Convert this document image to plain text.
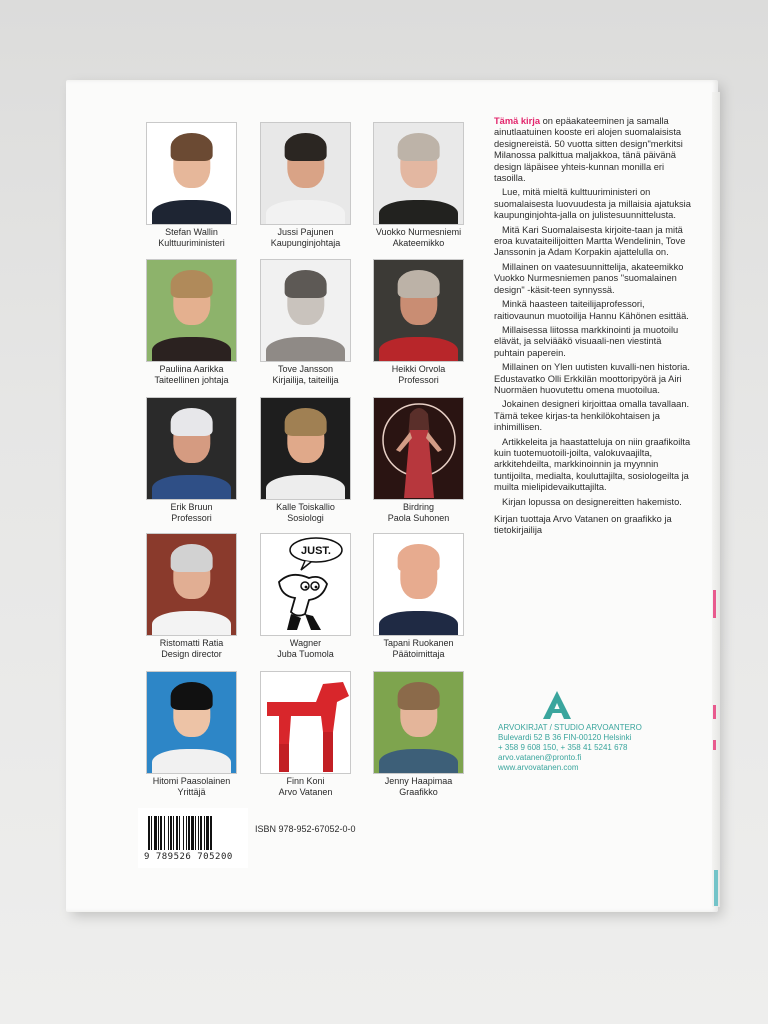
Stefan Wallin
Kulttuuriministeri
Jussi Pajunen
Kaupunginjohtaja
Vuokko Nurmesniemi
Akateemikko
Pauliina Aarikka
Taiteellinen johtaja
Tove Jansson
Kirjailija, taiteilija
Heikki Orvola
Professori
Erik Bruun
Professori
Kalle Toiskallio
Sosiologi
Birdring
Paola Suhonen
Ristomatti Ratia
Design director
JUST.
Wagner
Juba Tuomola
Tapani Ruokanen
Päätoimittaja
Hitomi Paasolainen
Yrittäjä
Finn Koni
Arvo Vatanen
Jenny Haapimaa
Graafikko

Tämä kirja on epäakateeminen ja samalla ainutlaatuinen kooste eri alojen suomalaisista designereistä. 50 vuotta sitten design"merkitsi Milanossa palkittua maljakkoa, tänä päivänä design läpäisee yhteis-kunnan monilla eri tasoilla.

Lue, mitä mieltä kulttuuriministeri on suomalaisesta luovuudesta ja millaisia ajatuksia kaupunginjohta-jalla on julistesuunnittelusta.

Mitä Kari Suomalaisesta kirjoite-taan ja mitä eroa kuvataiteilijoitten Martta Wendelinin, Tove Janssonin ja Adam Korpakin ajattelulla on.

Millainen on vaatesuunnittelija, akateemikko Vuokko Nurmesniemen panos "suomalainen design" -käsit-teen synnyssä.

Minkä haasteen taiteilijaprofessori, raitiovaunun muotoilija Hannu Kähönen esittää.

Millaisessa liitossa markkinointi ja muotoilu elävät, ja selviääkö visuaali-nen viestintä puhtain paperein.

Millainen on Ylen uutisten kuvalli-nen historia. Edustavatko Olli Erkkilän moottoripyörä ja Airi Nuormäen huovutettu omena muotoilua.

Jokainen designeri kirjoittaa omalla tavallaan. Tämä tekee kirjas-ta henkilökohtaisen ja inhimillisen.

Artikkeleita ja haastatteluja on niin graafikoilta kuin tuotemuotoili-joilta, valokuvaajilta, arkkitehdeilta, markkinoinnin ja myynnin tuntijoilta, medialta, kouluttajilta, sosiologeilta ja muilta mielipidevaikuttajilta.

Kirjan lopussa on designereitten hakemisto.

Kirjan tuottaja Arvo Vatanen on graafikko ja tietokirjailija

ARVOKIRJAT / STUDIO ARVOANTERO
Bulevardi 52 B 36 FIN-00120 Helsinki
+ 358 9 608 150, + 358 41 5241 678
arvo.vatanen@pronto.fi
www.arvovatanen.com
9 789526 705200
ISBN 978-952-67052-0-0
